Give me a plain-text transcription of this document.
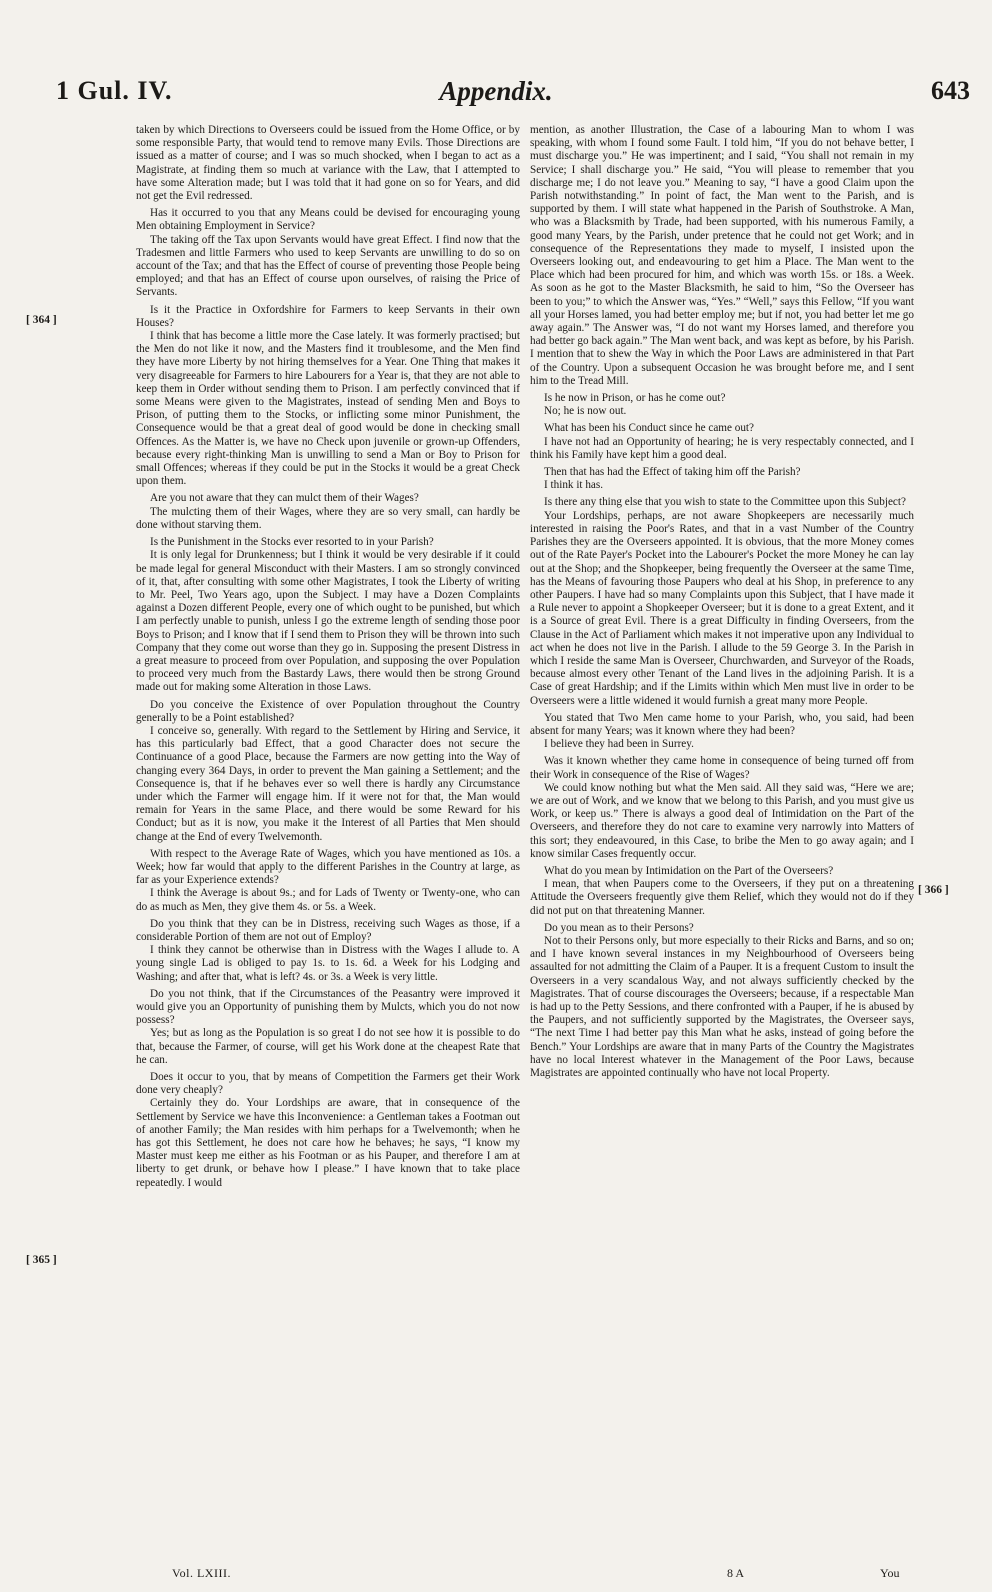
1 Gul. IV.	Appendix.	643

taken by which Directions to Overseers could be issued from the Home Office, or by some responsible Party, that would tend to remove many Evils. Those Directions are issued as a matter of course; and I was so much shocked, when I began to act as a Magistrate, at finding them so much at variance with the Law, that I attempted to have some Alteration made; but I was told that it had gone on so for Years, and did not get the Evil redressed.

Has it occurred to you that any Means could be devised for encouraging young Men obtaining Employment in Service?

The taking off the Tax upon Servants would have great Effect. I find now that the Tradesmen and little Farmers who used to keep Servants are unwilling to do so on account of the Tax; and that has the Effect of course of preventing those People being employed; and that has an Effect of course upon ourselves, of raising the Price of Servants.

Is it the Practice in Oxfordshire for Farmers to keep Servants in their own Houses?

I think that has become a little more the Case lately. It was formerly practised; but the Men do not like it now, and the Masters find it troublesome, and the Men find they have more Liberty by not hiring themselves for a Year. One Thing that makes it very disagreeable for Farmers to hire Labourers for a Year is, that they are not able to keep them in Order without sending them to Prison. I am perfectly convinced that if some Means were given to the Magistrates, instead of sending Men and Boys to Prison, of putting them to the Stocks, or inflicting some minor Punishment, the Consequence would be that a great deal of good would be done in checking small Offences. As the Matter is, we have no Check upon juvenile or grown-up Offenders, because every right-thinking Man is unwilling to send a Man or Boy to Prison for small Offences; whereas if they could be put in the Stocks it would be a great Check upon them.

Are you not aware that they can mulct them of their Wages?

The mulcting them of their Wages, where they are so very small, can hardly be done without starving them.

Is the Punishment in the Stocks ever resorted to in your Parish?

It is only legal for Drunkenness; but I think it would be very desirable if it could be made legal for general Misconduct with their Masters. I am so strongly convinced of it, that, after consulting with some other Magistrates, I took the Liberty of writing to Mr. Peel, Two Years ago, upon the Subject. I may have a Dozen Complaints against a Dozen different People, every one of which ought to be punished, but which I am perfectly unable to punish, unless I go the extreme length of sending those poor Boys to Prison; and I know that if I send them to Prison they will be thrown into such Company that they come out worse than they go in. Supposing the present Distress in a great measure to proceed from over Population, and supposing the over Population to proceed very much from the Bastardy Laws, there would then be strong Ground made out for making some Alteration in those Laws.

Do you conceive the Existence of over Population throughout the Country generally to be a Point established?

I conceive so, generally. With regard to the Settlement by Hiring and Service, it has this particularly bad Effect, that a good Character does not secure the Continuance of a good Place, because the Farmers are now getting into the Way of changing every 364 Days, in order to prevent the Man gaining a Settlement; and the Consequence is, that if he behaves ever so well there is hardly any Circumstance under which the Farmer will engage him. If it were not for that, the Man would remain for Years in the same Place, and there would be some Reward for his Conduct; but as it is now, you make it the Interest of all Parties that Men should change at the End of every Twelvemonth.

With respect to the Average Rate of Wages, which you have mentioned as 10s. a Week; how far would that apply to the different Parishes in the Country at large, as far as your Experience extends?

I think the Average is about 9s.; and for Lads of Twenty or Twenty-one, who can do as much as Men, they give them 4s. or 5s. a Week.

Do you think that they can be in Distress, receiving such Wages as those, if a considerable Portion of them are not out of Employ?

I think they cannot be otherwise than in Distress with the Wages I allude to. A young single Lad is obliged to pay 1s. to 1s. 6d. a Week for his Lodging and Washing; and after that, what is left? 4s. or 3s. a Week is very little.

Do you not think, that if the Circumstances of the Peasantry were improved it would give you an Opportunity of punishing them by Mulcts, which you do not now possess?

Yes; but as long as the Population is so great I do not see how it is possible to do that, because the Farmer, of course, will get his Work done at the cheapest Rate that he can.

Does it occur to you, that by means of Competition the Farmers get their Work done very cheaply?

Certainly they do. Your Lordships are aware, that in consequence of the Settlement by Service we have this Inconvenience: a Gentleman takes a Footman out of another Family; the Man resides with him perhaps for a Twelvemonth; when he has got this Settlement, he does not care how he behaves; he says, “I know my Master must keep me either as his Footman or as his Pauper, and therefore I am at liberty to get drunk, or behave how I please.” I have known that to take place repeatedly. I would

mention, as another Illustration, the Case of a labouring Man to whom I was speaking, with whom I found some Fault. I told him, “If you do not behave better, I must discharge you.” He was impertinent; and I said, “You shall not remain in my Service; I shall discharge you.” He said, “You will please to remember that you discharge me; I do not leave you.” Meaning to say, “I have a good Claim upon the Parish notwithstanding.” In point of fact, the Man went to the Parish, and is supported by them. I will state what happened in the Parish of Southstroke. A Man, who was a Blacksmith by Trade, had been supported, with his numerous Family, a good many Years, by the Parish, under pretence that he could not get Work; and in consequence of the Representations they made to myself, I insisted upon the Overseers looking out, and endeavouring to get him a Place. The Man went to the Place which had been procured for him, and which was worth 15s. or 18s. a Week. As soon as he got to the Master Blacksmith, he said to him, “So the Overseer has been to you;” to which the Answer was, “Yes.” “Well,” says this Fellow, “If you want all your Horses lamed, you had better employ me; but if not, you had better let me go away again.” The Answer was, “I do not want my Horses lamed, and therefore you had better go back again.” The Man went back, and was kept as before, by his Parish. I mention that to shew the Way in which the Poor Laws are administered in that Part of the Country. Upon a subsequent Occasion he was brought before me, and I sent him to the Tread Mill.

Is he now in Prison, or has he come out?

No; he is now out.

What has been his Conduct since he came out?

I have not had an Opportunity of hearing; he is very respectably connected, and I think his Family have kept him a good deal.

Then that has had the Effect of taking him off the Parish?

I think it has.

Is there any thing else that you wish to state to the Committee upon this Subject?

Your Lordships, perhaps, are not aware Shopkeepers are necessarily much interested in raising the Poor's Rates, and that in a vast Number of the Country Parishes they are the Overseers appointed. It is obvious, that the more Money comes out of the Rate Payer's Pocket into the Labourer's Pocket the more Money he can lay out at the Shop; and the Shopkeeper, being frequently the Overseer at the same Time, has the Means of favouring those Paupers who deal at his Shop, in preference to any other Paupers. I have had so many Complaints upon this Subject, that I have made it a Rule never to appoint a Shopkeeper Overseer; but it is done to a great Extent, and it is a Source of great Evil. There is a great Difficulty in finding Overseers, from the Clause in the Act of Parliament which makes it not imperative upon any Individual to act when he does not live in the Parish. I allude to the 59 George 3. In the Parish in which I reside the same Man is Overseer, Churchwarden, and Surveyor of the Roads, because almost every other Tenant of the Land lives in the adjoining Parish. It is a Case of great Hardship; and if the Limits within which Men must live in order to be Overseers were a little widened it would furnish a great many more People.

You stated that Two Men came home to your Parish, who, you said, had been absent for many Years; was it known where they had been?

I believe they had been in Surrey.

Was it known whether they came home in consequence of being turned off from their Work in consequence of the Rise of Wages?

We could know nothing but what the Men said. All they said was, “Here we are; we are out of Work, and we know that we belong to this Parish, and you must give us Work, or keep us.” There is always a good deal of Intimidation on the Part of the Overseers, and therefore they do not care to examine very narrowly into Matters of this sort; they endeavoured, in this Case, to bribe the Men to go away again; and I know similar Cases frequently occur.

What do you mean by Intimidation on the Part of the Overseers?

I mean, that when Paupers come to the Overseers, if they put on a threatening Attitude the Overseers frequently give them Relief, which they would not do if they did not put on that threatening Manner.

Do you mean as to their Persons?

Not to their Persons only, but more especially to their Ricks and Barns, and so on; and I have known several instances in my Neighbourhood of Overseers being assaulted for not admitting the Claim of a Pauper. It is a frequent Custom to insult the Overseers in a very scandalous Way, and not always sufficiently checked by the Magistrates. That of course discourages the Overseers; because, if a respectable Man is had up to the Petty Sessions, and there confronted with a Pauper, if he is abused by the Paupers, and not sufficiently supported by the Magistrates, the Overseer says, “The next Time I had better pay this Man what he asks, instead of going before the Bench.” Your Lordships are aware that in many Parts of the Country the Magistrates have no local Interest whatever in the Management of the Poor Laws, because Magistrates are appointed continually who have not local Property.

[ 364 ]
[ 365 ]
[ 366 ]
Vol. LXIII.	8 A	You
